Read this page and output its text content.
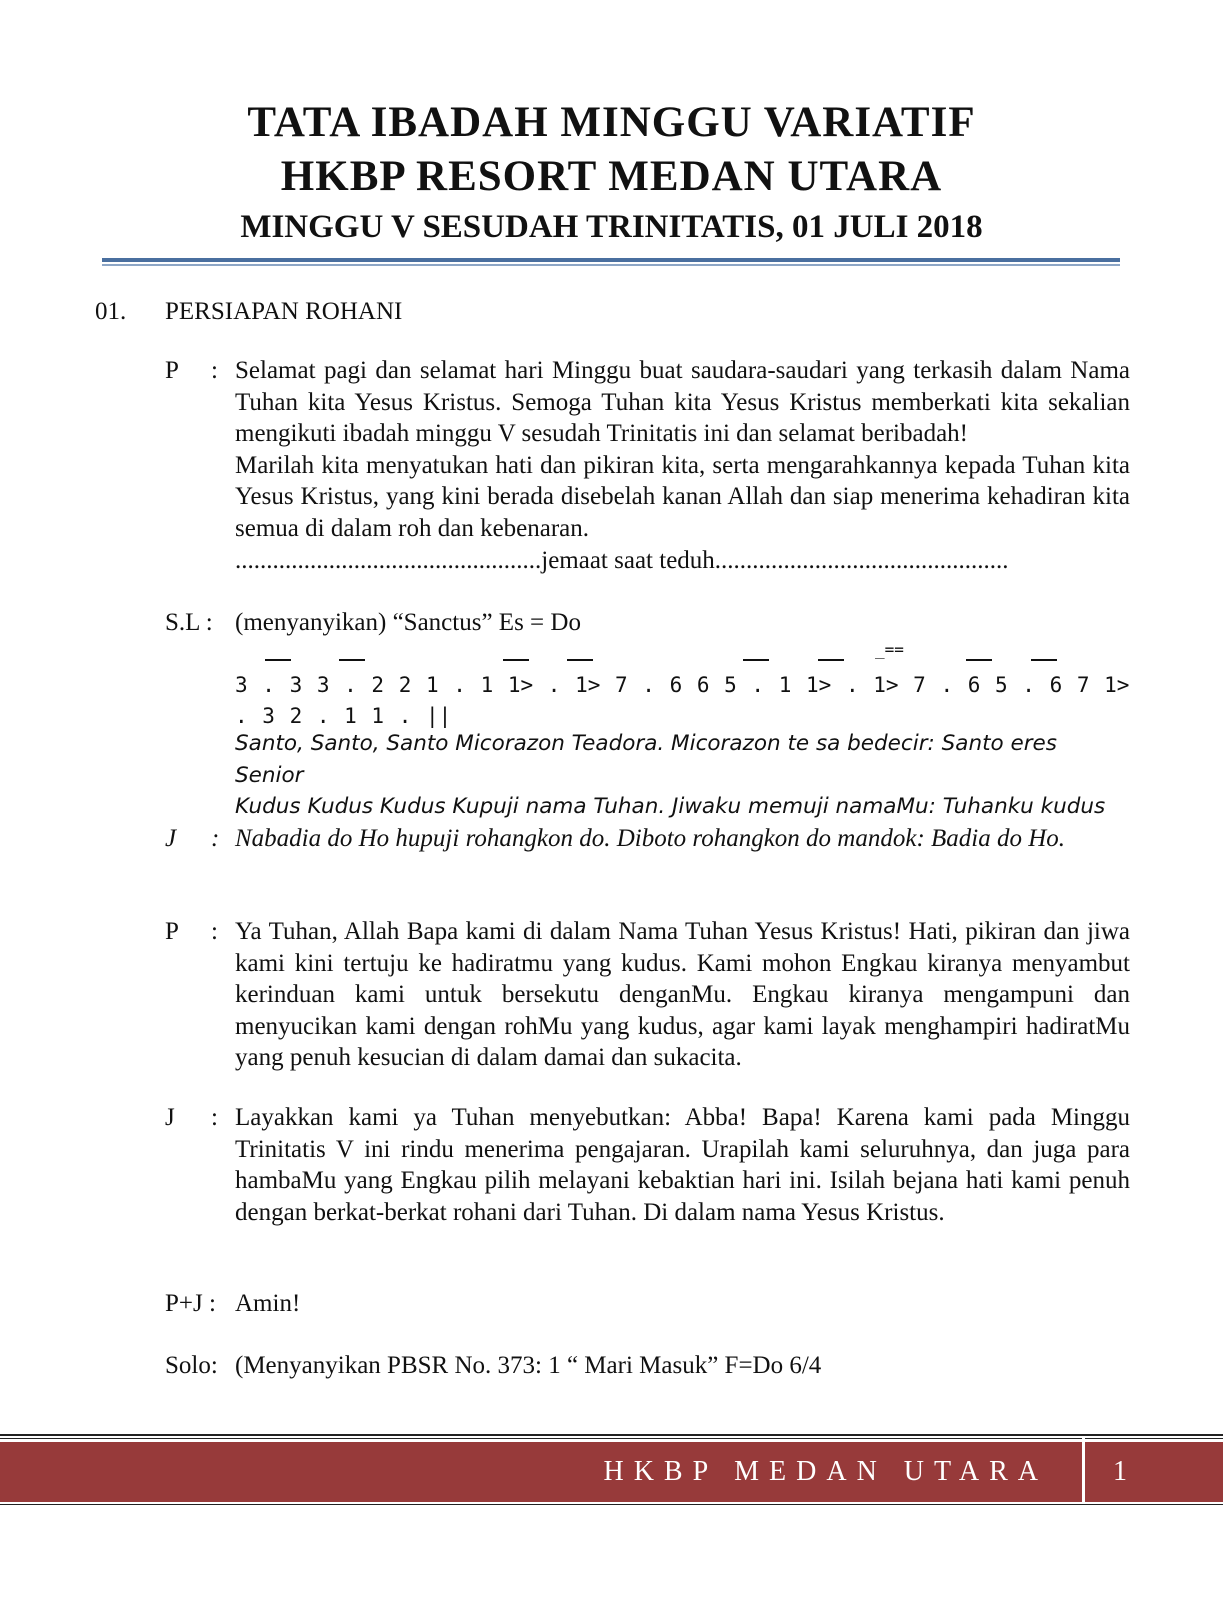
TATA IBADAH MINGGU VARIATIF
HKBP RESORT MEDAN UTARA
MINGGU V SESUDAH TRINITATIS, 01 JULI 2018
01. PERSIAPAN ROHANI
P	: Selamat pagi dan selamat hari Minggu buat saudara-saudari yang terkasih dalam Nama Tuhan kita Yesus Kristus. Semoga Tuhan kita Yesus Kristus memberkati kita sekalian mengikuti ibadah minggu V sesudah Trinitatis ini dan selamat beribadah!

Marilah kita menyatukan hati dan pikiran kita, serta mengarahkannya kepada Tuhan kita Yesus Kristus, yang kini berada disebelah kanan Allah dan siap menerima kehadiran kita semua di dalam roh dan kebenaran.

.................................................jemaat saat teduh...............................................

S.L : (menyanyikan) “Sanctus” Es = Do
_==
3 . 3 3 . 2 2 1 . 1 1> . 1> 7 . 6 6 5 . 1 1> . 1> 7 . 6 5 . 6 7 1> . 3 2 . 1 1 . ||
Santo, Santo, Santo Micorazon Teadora. Micorazon te sa bedecir: Santo eres Senior
Kudus Kudus Kudus Kupuji nama Tuhan. Jiwaku memuji namaMu: Tuhanku kudus
J	: Nabadia do Ho hupuji rohangkon do. Diboto rohangkon do mandok: Badia do Ho.
P	: Ya Tuhan, Allah Bapa kami di dalam Nama Tuhan Yesus Kristus! Hati, pikiran dan jiwa kami kini tertuju ke hadiratmu yang kudus. Kami mohon Engkau kiranya menyambut kerinduan kami untuk bersekutu denganMu. Engkau kiranya mengampuni dan menyucikan kami dengan rohMu yang kudus, agar kami layak menghampiri hadiratMu yang penuh kesucian di dalam damai dan sukacita.
J	: Layakkan kami ya Tuhan menyebutkan: Abba! Bapa! Karena kami pada Minggu Trinitatis V ini rindu menerima pengajaran. Urapilah kami seluruhnya, dan juga para hambaMu yang Engkau pilih melayani kebaktian hari ini. Isilah bejana hati kami penuh dengan berkat-berkat rohani dari Tuhan. Di dalam nama Yesus Kristus.
P+J : Amin!
Solo: (Menyanyikan PBSR No. 373: 1 “ Mari Masuk” F=Do 6/4
HKBP MEDAN UTARA 1
